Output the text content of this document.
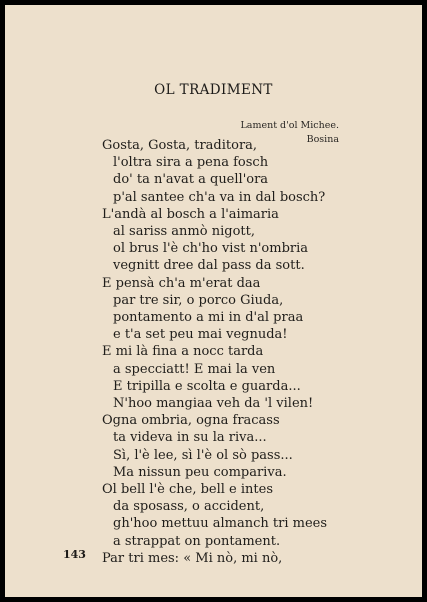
OL TRADIMENT
Lament d'ol Michee.
Bosina
Gosta, Gosta, traditora,
l'oltra sira a pena fosch
do' ta n'avat a quell'ora
p'al santee ch'a va in dal bosch?
L'andà al bosch a l'aimaria
al sariss anmò nigott,
ol brus l'è ch'ho vist n'ombria
vegnitt dree dal pass da sott.
E pensà ch'a m'erat daa
par tre sir, o porco Giuda,
pontamento a mi in d'al praa
e t'a set peu mai vegnuda!
E mi là fina a nocc tarda
a specciatt! E mai la ven
E tripilla e scolta e guarda...
N'hoo mangiaa veh da 'l vilen!
Ogna ombria, ogna fracass
ta videva in su la riva...
Sì, l'è lee, sì l'è ol sò pass...
Ma nissun peu compariva.
Ol bell l'è che, bell e intes
da sposass, o accident,
gh'hoo mettuu almanch tri mees
a strappat on pontament.
Par tri mes: « Mi nò, mi nò,
143
